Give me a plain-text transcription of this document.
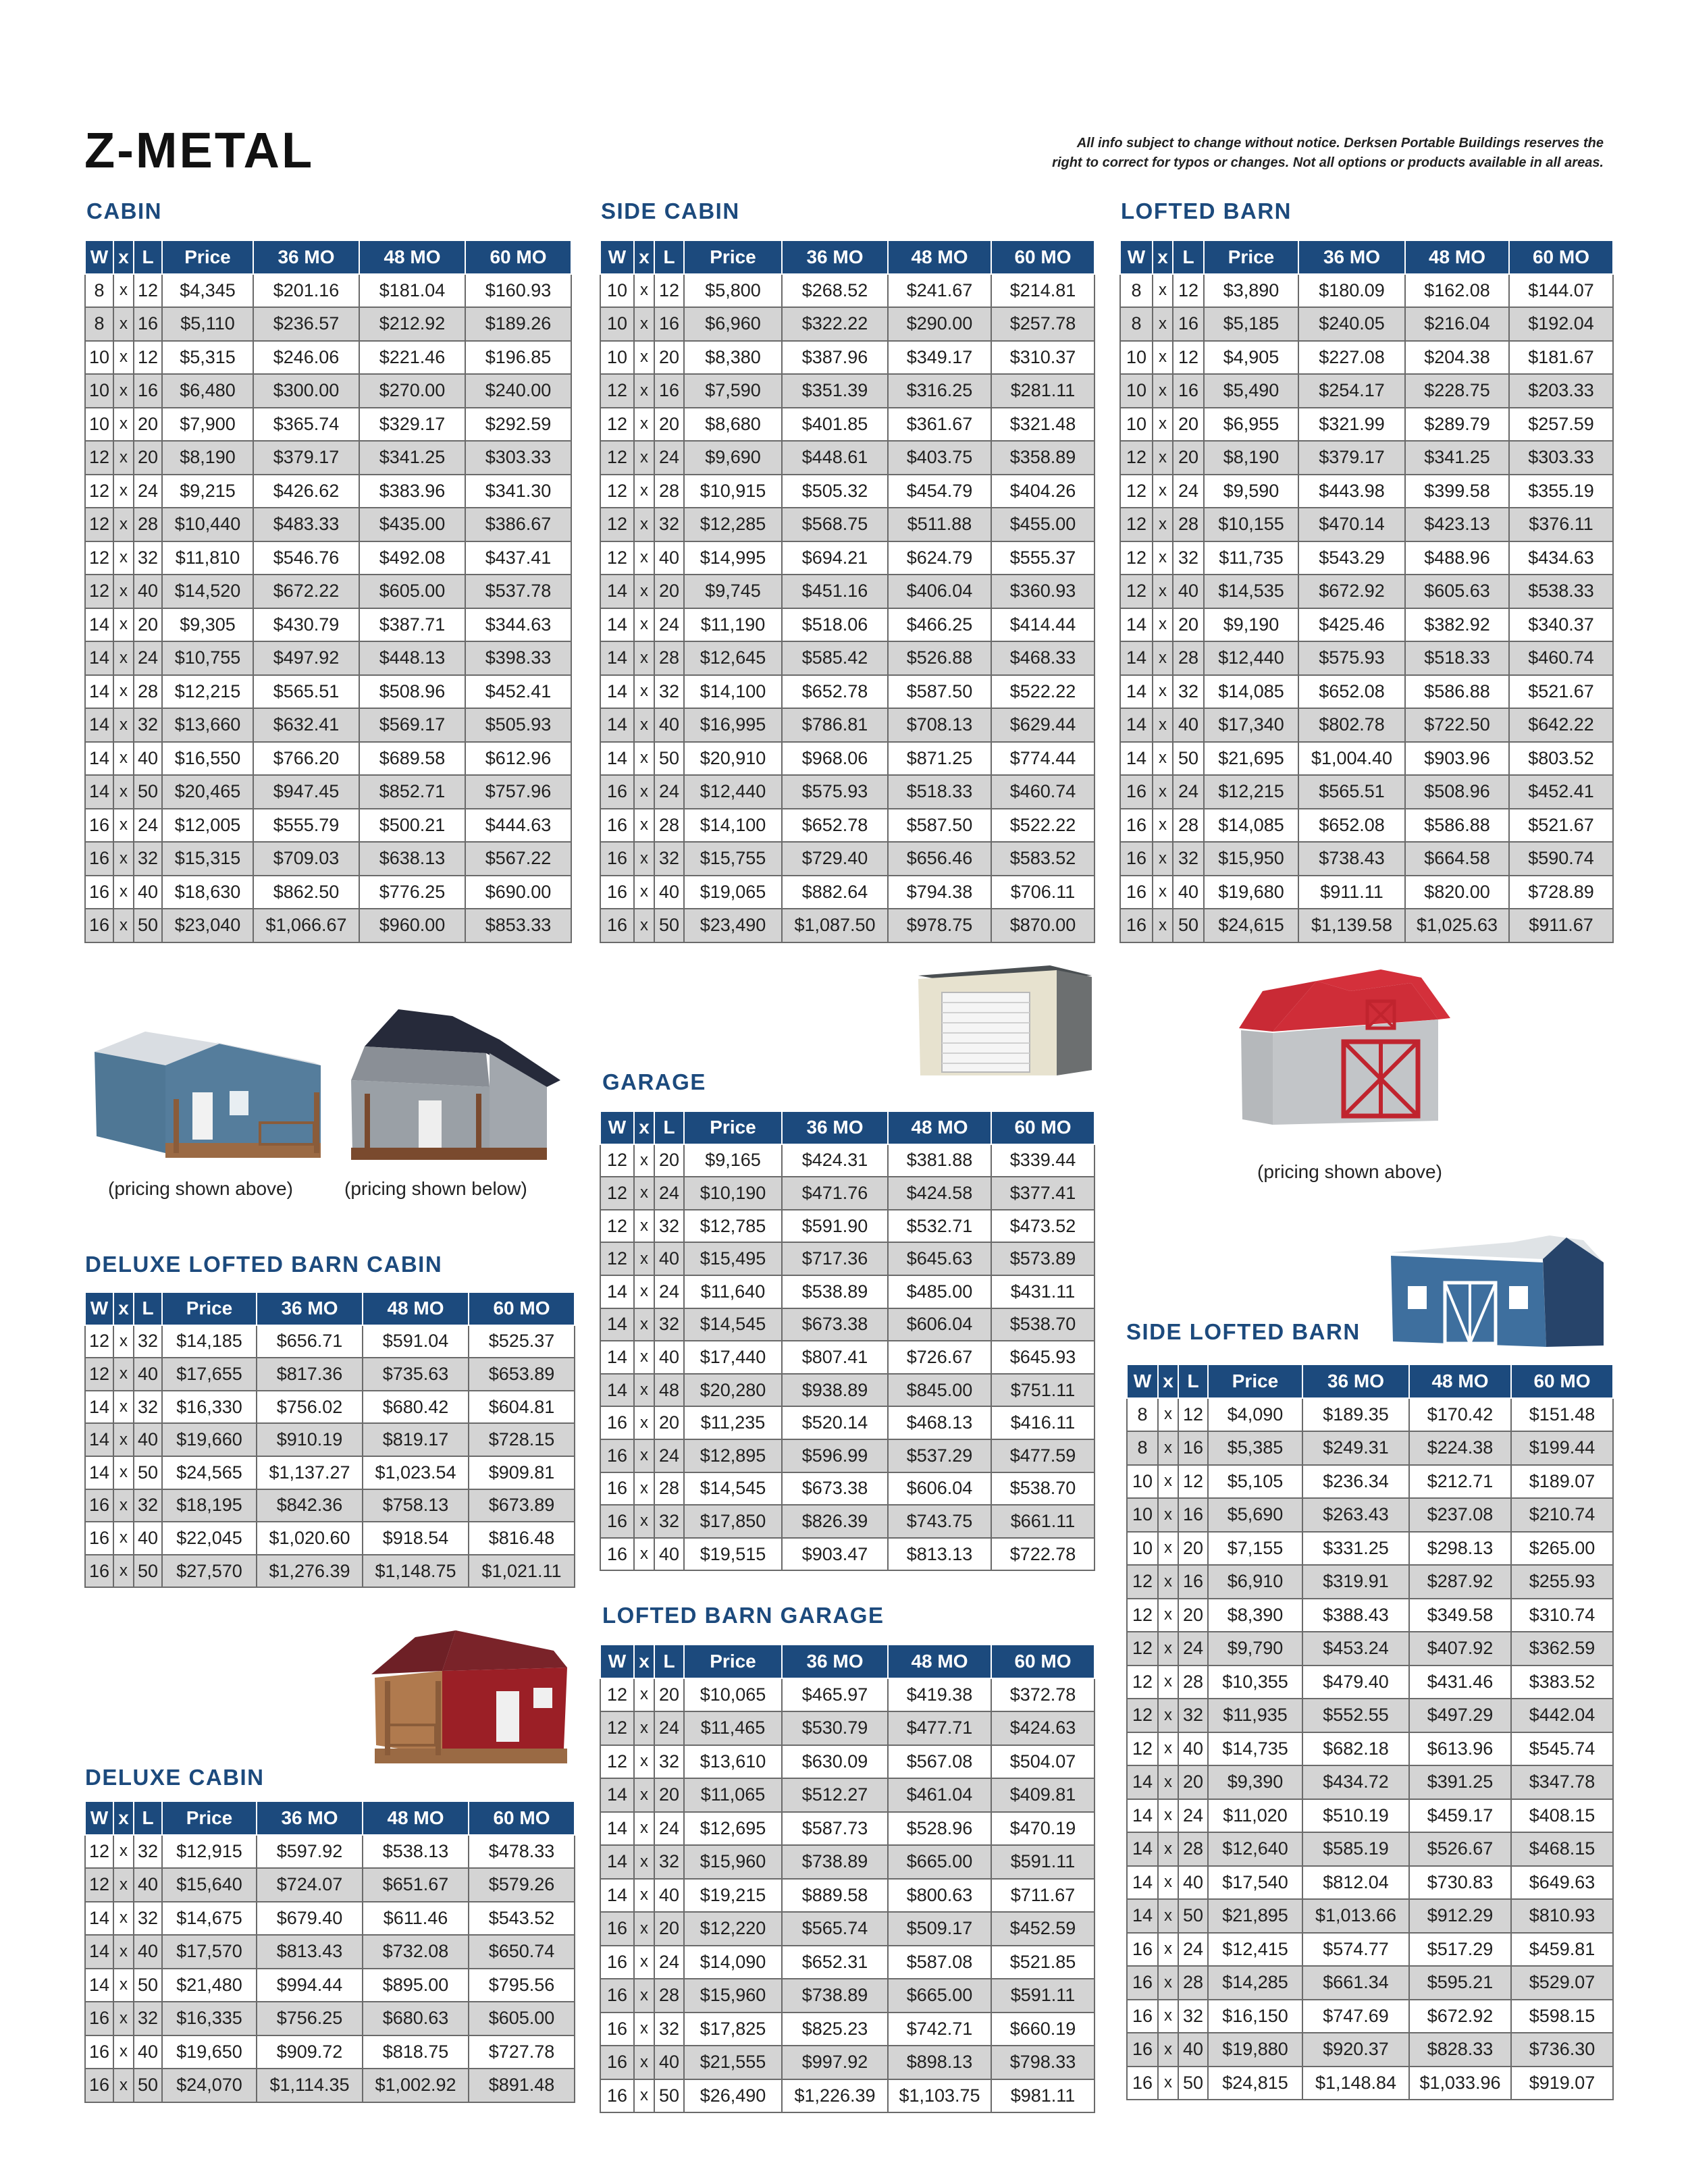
Z-METAL	All info subject to change without notice. Derksen Portable Buildings reserves the
right to correct for typos or changes. Not all options or products available in all areas.
CABIN	SIDE CABIN	LOFTED BARN
GARAGE
DELUXE LOFTED BARN CABIN
LOFTED BARN GARAGE
DELUXE CABIN
SIDE LOFTED BARN
W	x	L	Price	36 MO	48 MO	60 MO
8	x	12	$4,345	$201.16	$181.04	$160.93
8	x	16	$5,110	$236.57	$212.92	$189.26
10	x	12	$5,315	$246.06	$221.46	$196.85
10	x	16	$6,480	$300.00	$270.00	$240.00
10	x	20	$7,900	$365.74	$329.17	$292.59
12	x	20	$8,190	$379.17	$341.25	$303.33
12	x	24	$9,215	$426.62	$383.96	$341.30
12	x	28	$10,440	$483.33	$435.00	$386.67
12	x	32	$11,810	$546.76	$492.08	$437.41
12	x	40	$14,520	$672.22	$605.00	$537.78
14	x	20	$9,305	$430.79	$387.71	$344.63
14	x	24	$10,755	$497.92	$448.13	$398.33
14	x	28	$12,215	$565.51	$508.96	$452.41
14	x	32	$13,660	$632.41	$569.17	$505.93
14	x	40	$16,550	$766.20	$689.58	$612.96
14	x	50	$20,465	$947.45	$852.71	$757.96
16	x	24	$12,005	$555.79	$500.21	$444.63
16	x	32	$15,315	$709.03	$638.13	$567.22
16	x	40	$18,630	$862.50	$776.25	$690.00
16	x	50	$23,040	$1,066.67	$960.00	$853.33
W	x	L	Price	36 MO	48 MO	60 MO
10	x	12	$5,800	$268.52	$241.67	$214.81
10	x	16	$6,960	$322.22	$290.00	$257.78
10	x	20	$8,380	$387.96	$349.17	$310.37
12	x	16	$7,590	$351.39	$316.25	$281.11
12	x	20	$8,680	$401.85	$361.67	$321.48
12	x	24	$9,690	$448.61	$403.75	$358.89
12	x	28	$10,915	$505.32	$454.79	$404.26
12	x	32	$12,285	$568.75	$511.88	$455.00
12	x	40	$14,995	$694.21	$624.79	$555.37
14	x	20	$9,745	$451.16	$406.04	$360.93
14	x	24	$11,190	$518.06	$466.25	$414.44
14	x	28	$12,645	$585.42	$526.88	$468.33
14	x	32	$14,100	$652.78	$587.50	$522.22
14	x	40	$16,995	$786.81	$708.13	$629.44
14	x	50	$20,910	$968.06	$871.25	$774.44
16	x	24	$12,440	$575.93	$518.33	$460.74
16	x	28	$14,100	$652.78	$587.50	$522.22
16	x	32	$15,755	$729.40	$656.46	$583.52
16	x	40	$19,065	$882.64	$794.38	$706.11
16	x	50	$23,490	$1,087.50	$978.75	$870.00
W	x	L	Price	36 MO	48 MO	60 MO
8	x	12	$3,890	$180.09	$162.08	$144.07
8	x	16	$5,185	$240.05	$216.04	$192.04
10	x	12	$4,905	$227.08	$204.38	$181.67
10	x	16	$5,490	$254.17	$228.75	$203.33
10	x	20	$6,955	$321.99	$289.79	$257.59
12	x	20	$8,190	$379.17	$341.25	$303.33
12	x	24	$9,590	$443.98	$399.58	$355.19
12	x	28	$10,155	$470.14	$423.13	$376.11
12	x	32	$11,735	$543.29	$488.96	$434.63
12	x	40	$14,535	$672.92	$605.63	$538.33
14	x	20	$9,190	$425.46	$382.92	$340.37
14	x	28	$12,440	$575.93	$518.33	$460.74
14	x	32	$14,085	$652.08	$586.88	$521.67
14	x	40	$17,340	$802.78	$722.50	$642.22
14	x	50	$21,695	$1,004.40	$903.96	$803.52
16	x	24	$12,215	$565.51	$508.96	$452.41
16	x	28	$14,085	$652.08	$586.88	$521.67
16	x	32	$15,950	$738.43	$664.58	$590.74
16	x	40	$19,680	$911.11	$820.00	$728.89
16	x	50	$24,615	$1,139.58	$1,025.63	$911.67
W	x	L	Price	36 MO	48 MO	60 MO
12	x	20	$9,165	$424.31	$381.88	$339.44
12	x	24	$10,190	$471.76	$424.58	$377.41
12	x	32	$12,785	$591.90	$532.71	$473.52
12	x	40	$15,495	$717.36	$645.63	$573.89
14	x	24	$11,640	$538.89	$485.00	$431.11
14	x	32	$14,545	$673.38	$606.04	$538.70
14	x	40	$17,440	$807.41	$726.67	$645.93
14	x	48	$20,280	$938.89	$845.00	$751.11
16	x	20	$11,235	$520.14	$468.13	$416.11
16	x	24	$12,895	$596.99	$537.29	$477.59
16	x	28	$14,545	$673.38	$606.04	$538.70
16	x	32	$17,850	$826.39	$743.75	$661.11
16	x	40	$19,515	$903.47	$813.13	$722.78
W	x	L	Price	36 MO	48 MO	60 MO
12	x	32	$14,185	$656.71	$591.04	$525.37
12	x	40	$17,655	$817.36	$735.63	$653.89
14	x	32	$16,330	$756.02	$680.42	$604.81
14	x	40	$19,660	$910.19	$819.17	$728.15
14	x	50	$24,565	$1,137.27	$1,023.54	$909.81
16	x	32	$18,195	$842.36	$758.13	$673.89
16	x	40	$22,045	$1,020.60	$918.54	$816.48
16	x	50	$27,570	$1,276.39	$1,148.75	$1,021.11
W	x	L	Price	36 MO	48 MO	60 MO
12	x	20	$10,065	$465.97	$419.38	$372.78
12	x	24	$11,465	$530.79	$477.71	$424.63
12	x	32	$13,610	$630.09	$567.08	$504.07
14	x	20	$11,065	$512.27	$461.04	$409.81
14	x	24	$12,695	$587.73	$528.96	$470.19
14	x	32	$15,960	$738.89	$665.00	$591.11
14	x	40	$19,215	$889.58	$800.63	$711.67
16	x	20	$12,220	$565.74	$509.17	$452.59
16	x	24	$14,090	$652.31	$587.08	$521.85
16	x	28	$15,960	$738.89	$665.00	$591.11
16	x	32	$17,825	$825.23	$742.71	$660.19
16	x	40	$21,555	$997.92	$898.13	$798.33
16	x	50	$26,490	$1,226.39	$1,103.75	$981.11
W	x	L	Price	36 MO	48 MO	60 MO
12	x	32	$12,915	$597.92	$538.13	$478.33
12	x	40	$15,640	$724.07	$651.67	$579.26
14	x	32	$14,675	$679.40	$611.46	$543.52
14	x	40	$17,570	$813.43	$732.08	$650.74
14	x	50	$21,480	$994.44	$895.00	$795.56
16	x	32	$16,335	$756.25	$680.63	$605.00
16	x	40	$19,650	$909.72	$818.75	$727.78
16	x	50	$24,070	$1,114.35	$1,002.92	$891.48
W	x	L	Price	36 MO	48 MO	60 MO
8	x	12	$4,090	$189.35	$170.42	$151.48
8	x	16	$5,385	$249.31	$224.38	$199.44
10	x	12	$5,105	$236.34	$212.71	$189.07
10	x	16	$5,690	$263.43	$237.08	$210.74
10	x	20	$7,155	$331.25	$298.13	$265.00
12	x	16	$6,910	$319.91	$287.92	$255.93
12	x	20	$8,390	$388.43	$349.58	$310.74
12	x	24	$9,790	$453.24	$407.92	$362.59
12	x	28	$10,355	$479.40	$431.46	$383.52
12	x	32	$11,935	$552.55	$497.29	$442.04
12	x	40	$14,735	$682.18	$613.96	$545.74
14	x	20	$9,390	$434.72	$391.25	$347.78
14	x	24	$11,020	$510.19	$459.17	$408.15
14	x	28	$12,640	$585.19	$526.67	$468.15
14	x	40	$17,540	$812.04	$730.83	$649.63
14	x	50	$21,895	$1,013.66	$912.29	$810.93
16	x	24	$12,415	$574.77	$517.29	$459.81
16	x	28	$14,285	$661.34	$595.21	$529.07
16	x	32	$16,150	$747.69	$672.92	$598.15
16	x	40	$19,880	$920.37	$828.33	$736.30
16	x	50	$24,815	$1,148.84	$1,033.96	$919.07
(pricing shown above)	(pricing shown below)
(pricing shown above)
